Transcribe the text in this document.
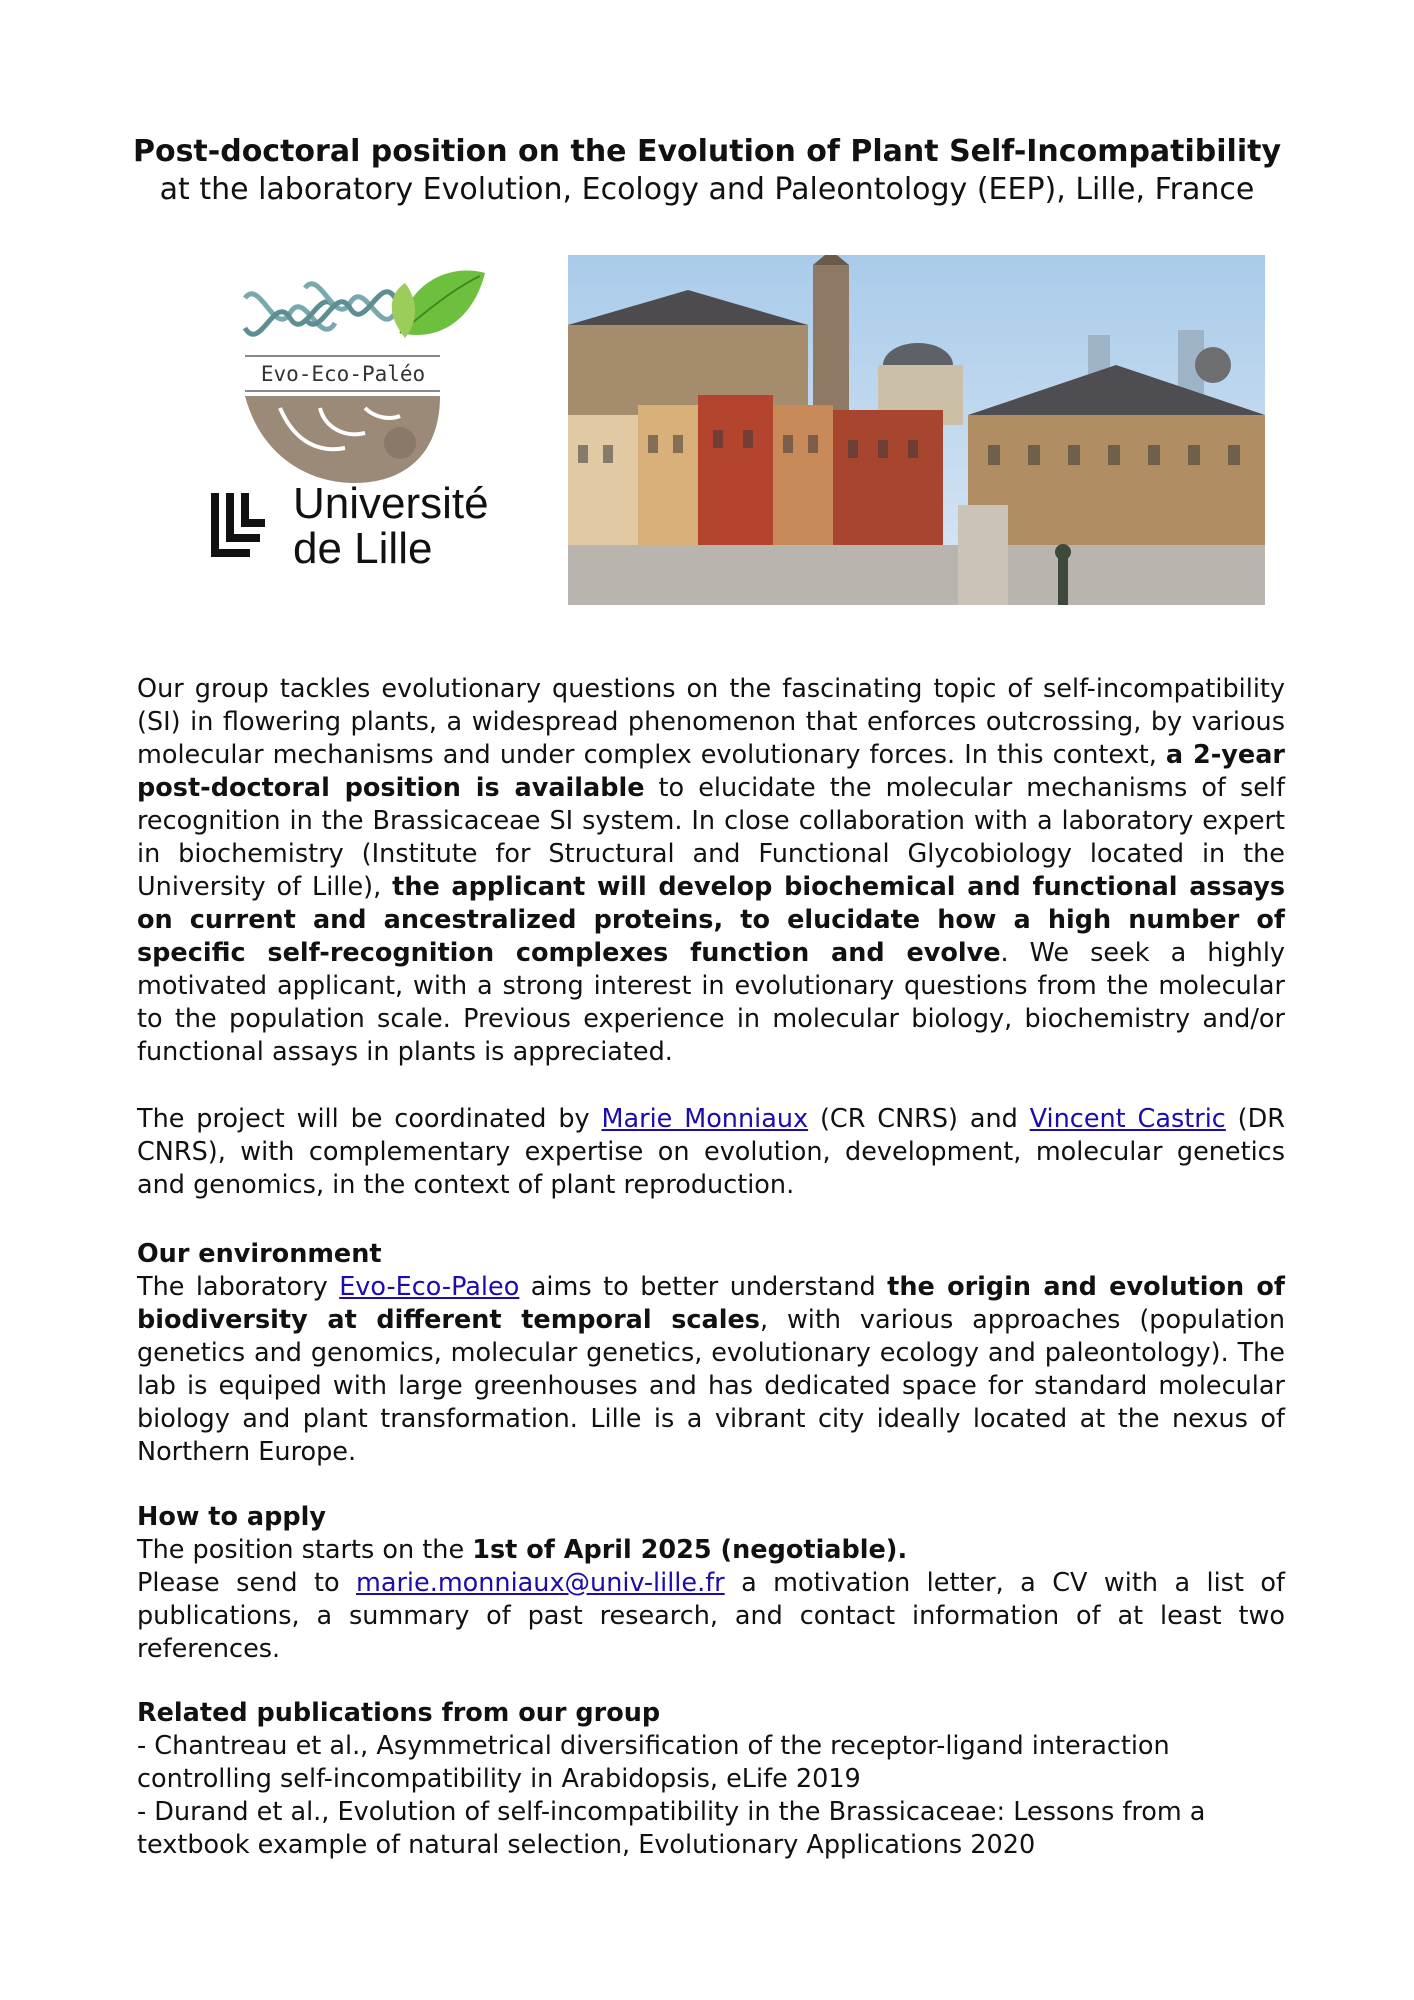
Post-doctoral position on the Evolution of Plant Self-Incompatibility
at the laboratory Evolution, Ecology and Paleontology (EEP), Lille, France
Evo-Eco-Paléo
Université
de Lille

Our group tackles evolutionary questions on the fascinating topic of self-incompatibility (SI) in flowering plants, a widespread phenomenon that enforces outcrossing, by various molecular mechanisms and under complex evolutionary forces. In this context, a 2-year post-doctoral position is available to elucidate the molecular mechanisms of self recognition in the Brassicaceae SI system. In close collaboration with a laboratory expert in biochemistry (Institute for Structural and Functional Glycobiology located in the University of Lille), the applicant will develop biochemical and functional assays on current and ancestralized proteins, to elucidate how a high number of specific self-recognition complexes function and evolve. We seek a highly motivated applicant, with a strong interest in evolutionary questions from the molecular to the population scale. Previous experience in molecular biology, biochemistry and/or functional assays in plants is appreciated.

The project will be coordinated by Marie Monniaux (CR CNRS) and Vincent Castric (DR CNRS), with complementary expertise on evolution, development, molecular genetics and genomics, in the context of plant reproduction.

Our environment

The laboratory Evo-Eco-Paleo aims to better understand the origin and evolution of biodiversity at different temporal scales, with various approaches (population genetics and genomics, molecular genetics, evolutionary ecology and paleontology). The lab is equiped with large greenhouses and has dedicated space for standard molecular biology and plant transformation. Lille is a vibrant city ideally located at the nexus of Northern Europe.

How to apply

The position starts on the 1st of April 2025 (negotiable).

Please send to marie.monniaux@univ-lille.fr a motivation letter, a CV with a list of publications, a summary of past research, and contact information of at least two references.

Related publications from our group

- Chantreau et al., Asymmetrical diversification of the receptor-ligand interaction controlling self-incompatibility in Arabidopsis, eLife 2019

- Durand et al., Evolution of self-incompatibility in the Brassicaceae: Lessons from a textbook example of natural selection, Evolutionary Applications 2020
